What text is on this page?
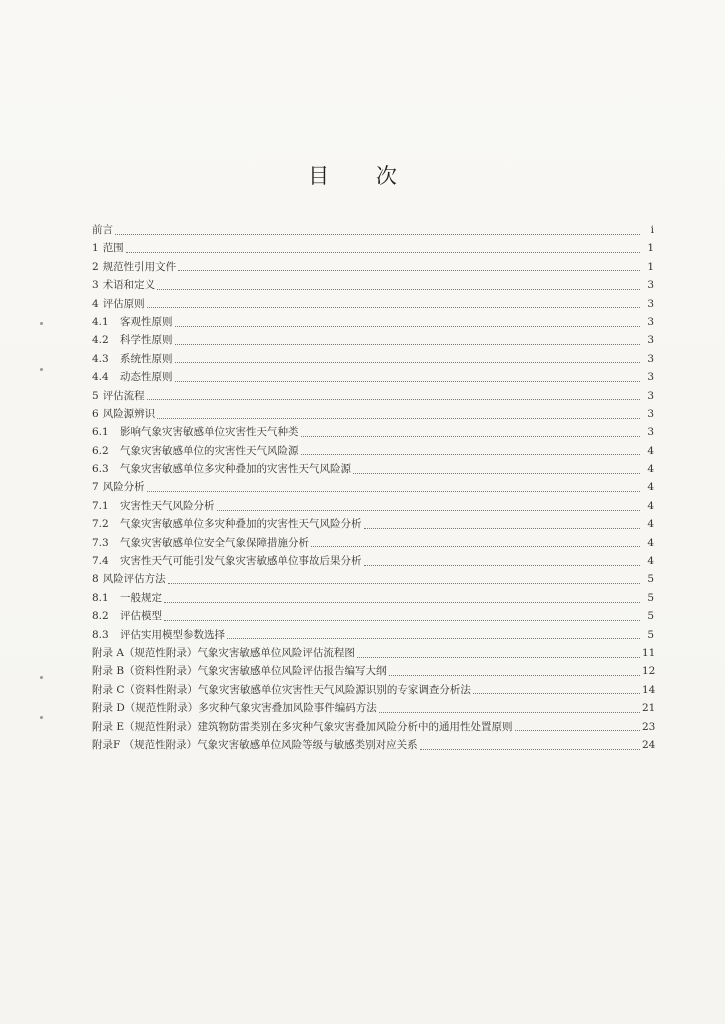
目 次
前言	i
1 范围	1
2 规范性引用文件	1
3 术语和定义	3
4 评估原则	3
4.1	客观性原则	3
4.2	科学性原则	3
4.3	系统性原则	3
4.4	动态性原则	3
5 评估流程	3
6 风险源辨识	3
6.1	影响气象灾害敏感单位灾害性天气种类	3
6.2	气象灾害敏感单位的灾害性天气风险源	4
6.3	气象灾害敏感单位多灾种叠加的灾害性天气风险源	4
7 风险分析	4
7.1	灾害性天气风险分析	4
7.2	气象灾害敏感单位多灾种叠加的灾害性天气风险分析	4
7.3	气象灾害敏感单位安全气象保障措施分析	4
7.4	灾害性天气可能引发气象灾害敏感单位事故后果分析	4
8 风险评估方法	5
8.1	一般规定	5
8.2	评估模型	5
8.3	评估实用模型参数选择	5
附录 A（规范性附录）气象灾害敏感单位风险评估流程图	11
附录 B（资料性附录）气象灾害敏感单位风险评估报告编写大纲	12
附录 C（资料性附录）气象灾害敏感单位灾害性天气风险源识别的专家调查分析法	14
附录 D（规范性附录）多灾种气象灾害叠加风险事件编码方法	21
附录 E（规范性附录）建筑物防雷类别在多灾种气象灾害叠加风险分析中的通用性处置原则	23
附录F （规范性附录）气象灾害敏感单位风险等级与敏感类别对应关系	24
